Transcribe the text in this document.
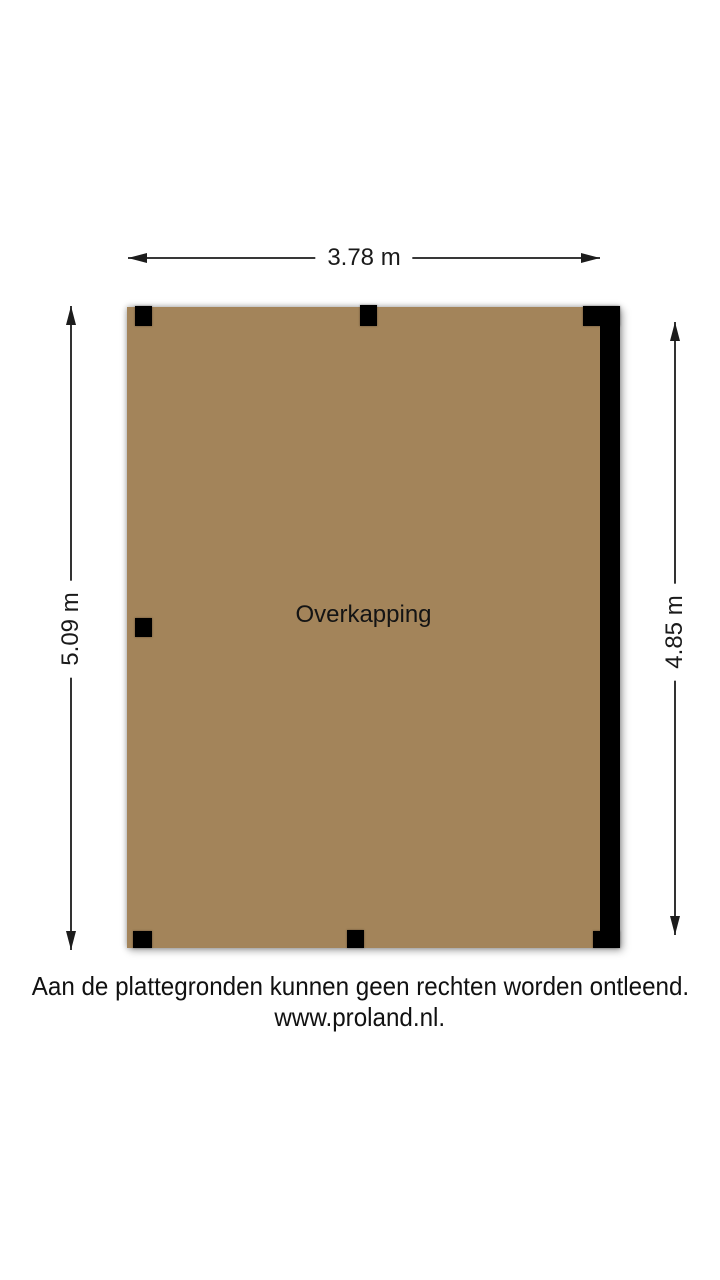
3.78 m
5.09 m	4.85 m
Overkapping
Aan de plattegronden kunnen geen rechten worden ontleend.
www.proland.nl.
